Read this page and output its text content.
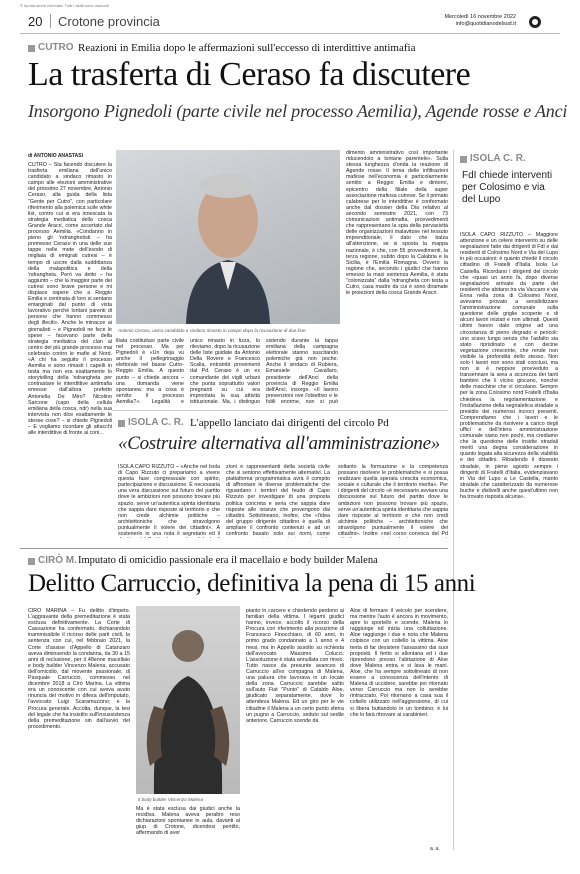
© riproduzione riservata. Tutti i diritti sono riservati
20 Crotone provincia	Mercoledì 16 novembre 2022
info@quotidianodelsud.it
CUTRO Reazioni in Emilia dopo le affermazioni sull'eccesso di interdittive antimafia
La trasferta di Ceraso fa discutere
Insorgono Pignedoli (parte civile nel processo Aemilia), Agende rosse e Anci
di ANTONIO ANASTASI
CUTRO – Sta facendo discutere la trasferta emiliana dell'unico candidato a sindaco rimasto in campo alle elezioni amministrative del prossimo 27 novembre, Antonio Ceraso, alla guida della lista "Gente per Cutro", con particolare riferimento alla polemica sulle white list, contro cui si era innescata la strategia mediatica della cosca Grande Aracri, come accertato dal processo Aemilia. «Condanno in pieno gli 'ndranghetisti – ha premesso Ceraso in una delle sue tappe nelle mete dell'esodo di migliaia di emigrati cutresi – è tempo di uscire dalla suddittanza della malapolitica e della 'ndrangheta. Però va detto – ha aggiunto – che la maggior parte dei cutresi sono brave persone e mi dispiace sapere che a Reggio Emilia e centinaia di loro si sentano emarginati dal punto di vista lavorativo perché lontani parenti di persone che hanno commesso degli illeciti». Anche le minacce ai giornalisti – e Pignedoli ne fece le spese – facevano parte della strategia mediatica del clan al centro del più grande processo mai celebrato contro le mafie al Nord. «A chi ha seguito il processo Aemilia e sono rimasti i capelli in testa ma non era esattamente lo storytelling della 'ndrangheta per contrastare le interdittive antimafia emesse dall'allora prefetto Antonella De Miro? Nicolino Sarcone (capo della cellula emiliana della cosca, ndr) nella sua intervista non dice esattamente le stesse cose? – si chiede Pignedoli – E vogliamo ricordare gli attacchi alle interdittive di fronte ai coni...
Antonio Ceraso, unico candidato a sindaco rimasto in campo dopo la ricusazione di due liste
litata costituitasi parte civile nel processo. Ma per Pignedoli è «Un deja vu anche il pellegrinaggio elettorale nel basse Cutro-Reggio Emilia. A questo punto – si chiede ancora – una domanda viene spontanea: ma a cosa è servito il processo Aemilia?». Legalità e
unico rimasto in lizza, lo rileviamo, dopo la ricusazione delle liste guidate da Antonio Della Rovere e Francesco Scalia, entrambi provenienti dal Pd. Ceraso è un ex comandante dei vigili urbani che punta soprattutto valori pregnanti su cui era improntata la sua attività istituzionale. Ma, i distinguo
sistendo durante la tappa emiliana della campagna elettorale stanno suscitando polemiche già non poche. Anche il sindaco di Rubiera, Emanuele Cavallaro, presidente dell'Anci della provincia di Reggio Emilia dell'Anci, insorge. «Il lavoro prevenzioni ove l'obiettivo e le futili enorme, non si può
dimento amministrativo così importante riducendolo a lontane parentele». Sulla stessa lunghezza d'onda la reazione di Agende rosse. Il tema delle infiltrazioni mafiose nell'economia è particolarmente sentito a Reggio Emilia e dintorni, epicentro della filiale della super associazione mafiosa cutrese. Se il primato calabrese per le interdittive è confermato anche dal dossier della Dia relativo al secondo semestre 2021, con 73 comunicazioni antimafia, provvedimenti che rappresentano la spia della pervasività delle organizzazioni malavitose nel tessuto imprenditoriale, il dato che balza all'attenzione, se si sposta la mappa nazionale, è che, con 55 provvedimenti, la terza regione, subito dopo la Calabria e la Sicilia, è l'Emilia Romagna. Ovvero la ragione che, secondo i giudici che hanno emesso la maxi sentenza Aemilia, è stata "colonizzata" dalla 'ndrangheta con testa a Cutro, casa madre da cui è sono diramate le proiezioni della cosca Grande Aracri.
ISOLA C. R.
FdI chiede interventi per Colosimo e via del Lupo
ISOLA CAPO RIZZUTO – Maggiore attenzione e un celere intervento su delle segnalazioni fatte dai dirigenti di FdI e dai residenti di Colosimo Nord e Via del Lupo in più occasioni: è quanto chiedé il circolo cittadino di Fratelli d'Italia Isola Le Castella. Ricordano i dirigenti del circolo che «quasi un anno fa, dopo diverse segnalazioni arrivate da parte dei residenti che abitano tra via Vaccaro e via Enna nella zona di Colosimo Nord, avevamo provato a sensibilizzare l'amministrazione comunale sulla questione delle griglie scoperte e di alcuni lavori iniziati e non ultimati. Questi ultimi hanno dato origine ad una circostanza di pieno degrado e pericoli: uno scavo lungo senza che l'asfalto sia stato ripristinato e con decine vegetazione crescente, che rende non visibile la profondità dello stesso. Non solo i lavori non sono stati conclusi, ma non si è neppure provveduto a transennare la area a sicurezza dei tanti bambini che li vicino giocano, nonché delle macchine che vi circolano. Sempre per la zona Colosimo nord Fratelli d'Italia chiedeva la regolamentazione e l'installazione della segnaletica stradale a presidio dei numerosi incroci presenti. Comprendiamo che i lavori e le problematiche da risolvere a carico degli uffici e dell'intera amministrazione comunale siano non pochi, ma crediamo che la questione delle insidie stradali meriti una degna considerazione in quanto legata alla sicurezza della viabilità e dei cittadini. Ribadendo il dissesto stradale, in pieno agosto sempre i dirigenti di Fratelli d'Italia, evidenziavano in Via del Lupo a Le Castella, manto stradale che caratterizzato da numerose buche e dislivelli anche quest'ultimo non ha trovato risposta alcuna».
ISOLA C. R. L'appello lanciato dai dirigenti del circolo Pd
«Costruire alternativa all'amministrazione»
ISOLA CAPO RIZZUTO – «Anche nel Isola di Capo Rizzuto ci prepariamo a vivere questa fase congressuale con spirito, partecipazione e discussione. È necessaria una vera discussione sul futuro del partito dove le ambizioni non possono trovare più spazio, serve un'autentica spinta identitaria che sappia dare risposte al territorio e che non crede alchimie politiche – architettoniche che stravolgono puntualmente il volere dei cittadini». A sostenerlo in una nota il segretario ed il
zioni e rappresentanti della società civile che si sentono effettivamente alternativi. La piattaforma programmatica avrà il compito di affrontare le diverse problematiche che riguardano i territori del feudo di Capo Rizzuto per investigare di una proposta politica concreta e seria che sappia dare risposte alle istanze che provengono dai cittadini. Sottolineano, inoltre, che «l'idea del gruppo dirigente cittadino è quella di ampliare il confronto contenuti e ad un confronto basato solo sui nomi, come
soltanto la formazione e la competenza possano risolvere le problematiche e si possa realizzare quella sperata crescita economica, sociale e culturale che il territorio merita». Per i dirigenti del circolo «è necessario avviare una discussione sul futuro del partito dove le ambizioni non possono trovare più spazio, serve un'autentica spinta identitaria che sappia dare risposte al territorio e che non credi alchimie politiche – architettoniche che stravolgono puntualmente il volere dei cittadini». Inoltre «nel corso convoca del Pd
CIRÒ M. Imputato di omicidio passionale era il macellaio e body builder Malena
Delitto Carruccio, definitiva la pena di 15 anni
CIRÒ MARINA – Fu delitto d'impeto. L'aggravante della premeditazione è stata esclusa definitivamente. La Corte di Cassazione ha confermato, dichiarandolo inammissibile il ricorso delle parti civili, la sentenza con cui, nel febbraio 2021, la Corte d'assise d'Appello di Catanzaro aveva diminuendo la condanna, da 30 a 15 anni di reclusione, per il 48enne macellaio e body builder Vincenzo Malena, accusato dell'omicidio, dal movente passionale, di Pasquale Carruccio, commesso nel dicembre 2018 a Cirò Marina. La vittima era un conoscente con cui aveva avuto rinuncia del motivo in difesa dell'imputato, l'avvocato Luigi Scaramuzzino; e la Procura generale. Accolta, dunque, la tesi del legale che ha insistito sull'insussistenza della premeditazione sin dall'avvio del procedimento.
Il body builder Vincenzo Malena
Ma è stata esclusa dai giudici anche la recidiva. Malena aveva peraltro reso dichiarazioni spontanee in aula, davanti al giup di Crotone, dicendosi pentito, affermando di aver
pianto in carcere e chiedendo perdono ai familiari della vittima. I legami giudici hanno, invece, accolto il ricorso della Procura con riferimento alla posizione di Francesco Finocchiaro, di 60 anni, in primo grado condannato a 1 anno e 4 mesi, ma in Appello assolto su richiesta dell'avvocato Massimo Colucci. L'assoluzione è stata annullata con rinvio. Tutto nasce da presunte avances di Carruccio all'ex compagna di Malena, una pakura che lavorava in un locale della zona. Carruccio sarebbe salito sull'auto Fiat "Punto" di Cataldo Aloe, giudicato separatamente, dove lo attendeva Malena. Ed un giro per le vie cittadine il Malena a un certo punto sferra un pugno a Carruccio, seduto sul sedile anteriore. Carruccio scende da
Aloe di fermare il veicolo per scendere, ma mentre l'auto è ancora in movimento, apre lo sportello e scende. Malena lo raggiunge ed inizia una colluttazione. Aloe raggiunge i due e nota che Malena colpisce con un coltello la vittima. Aloe tenta di far desistere l'assassino dai suoi propositi. Il ferito si allontana ed i due riprendono presso l'abitazione di Aloe dove Malena entra e si lava le mani. Aloe, che ha sempre sottolineato di non essere a conoscenza dell'intento di Malena di uccidere, sarebbe poi ritornato verso Carruccio ma non lo avrebbe rintracciato. Poi ritornano a casa sua il coltello utilizzato nell'aggressione, di cui si libera buttandolo in un tombino; è lui che lo farà ritrovare ai carabinieri.
a. a.
